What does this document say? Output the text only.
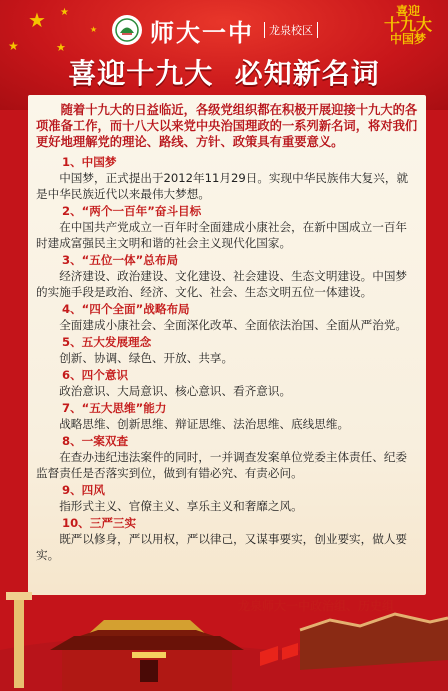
★
★	★
★
★ 师大一中	龙泉校区
喜迎
十九大
中国梦
喜迎十九大  必知新名词

随着十九大的日益临近，各级党组织都在积极开展迎接十九大的各项准备工作，而十八大以来党中央治国理政的一系列新名词，将对我们更好地理解党的理论、路线、方针、政策具有重要意义。

1、中国梦

中国梦，正式提出于2012年11月29日。实现中华民族伟大复兴，就是中华民族近代以来最伟大梦想。

2、“两个一百年”奋斗目标

在中国共产党成立一百年时全面建成小康社会，在新中国成立一百年时建成富强民主文明和谐的社会主义现代化国家。

3、“五位一体”总布局

经济建设、政治建设、文化建设、社会建设、生态文明建设。中国梦的实施手段是政治、经济、文化、社会、生态文明五位一体建设。

4、“四个全面”战略布局

全面建成小康社会、全面深化改革、全面依法治国、全面从严治党。

5、五大发展理念

创新、协调、绿色、开放、共享。

6、四个意识

政治意识、大局意识、核心意识、看齐意识。

7、“五大思维”能力

战略思维、创新思维、辩证思维、法治思维、底线思维。

8、一案双查

在查办违纪违法案件的同时，一并调查发案单位党委主体责任、纪委监督责任是否落实到位，做到有错必究、有责必问。

9、四风

指形式主义、官僚主义、享乐主义和奢靡之风。

10、三严三实

既严以修身，严以用权，严以律己，又谋事要实，创业要实，做人要实。

龙泉师大一中政治组、历史组
